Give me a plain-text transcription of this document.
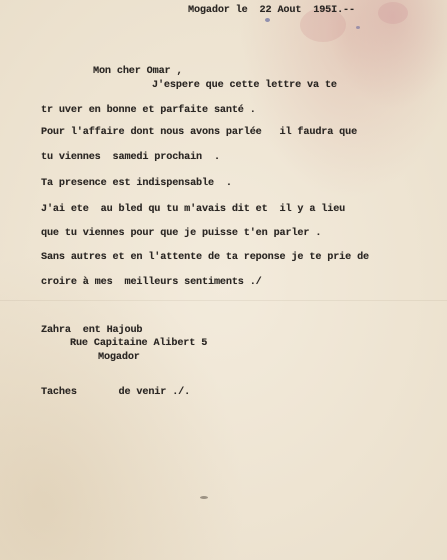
Mogador le  22 Aout  195I.--
Mon cher Omar ,
J'espere que cette lettre va te
tr uver en bonne et parfaite santé .
Pour l'affaire dont nous avons parlée   il faudra que
tu viennes  samedi prochain  .
Ta presence est indispensable  .
J'ai ete  au bled qu tu m'avais dit et  il y a lieu
que tu viennes pour que je puisse t'en parler .
Sans autres et en l'attente de ta reponse je te prie de
croire à mes  meilleurs sentiments ./
Zahra  ent Hajoub
Rue Capitaine Alibert 5
Mogador
Taches       de venir ./.
